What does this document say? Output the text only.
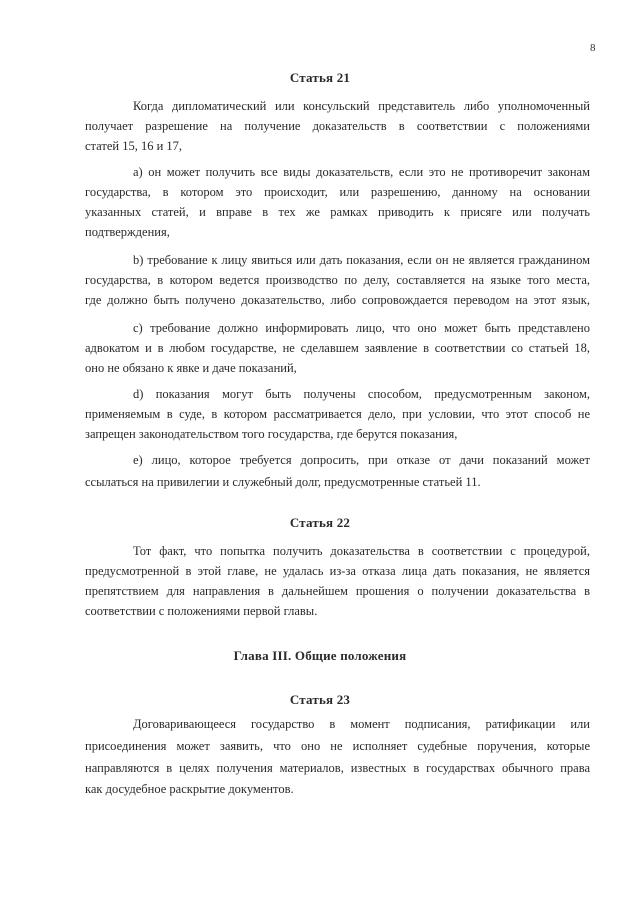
8
Статья 21
Когда дипломатический или консульский представитель либо уполномоченный
получает разрешение на получение доказательств в соответствии с положениями
статей 15, 16 и 17,
а) он может получить все виды доказательств, если это не противоречит законам
государства, в котором это происходит, или разрешению, данному на основании
указанных статей, и вправе в тех же рамках приводить к присяге или получать
подтверждения,
b) требование к лицу явиться или дать показания, если он не является гражданином
государства, в котором ведется производство по делу, составляется на языке того места,
где должно быть получено доказательство, либо сопровождается переводом на этот язык,
c) требование должно информировать лицо, что оно может быть представлено
адвокатом и в любом государстве, не сделавшем заявление в соответствии со статьей 18,
оно не обязано к явке и даче показаний,
d) показания могут быть получены способом, предусмотренным законом,
применяемым в суде, в котором рассматривается дело, при условии, что этот способ не
запрещен законодательством того государства, где берутся показания,
е) лицо, которое требуется допросить, при отказе от дачи показаний может
ссылаться на привилегии и служебный долг, предусмотренные статьей 11.
Статья 22
Тот факт, что попытка получить доказательства в соответствии с процедурой,
предусмотренной в этой главе, не удалась из-за отказа лица дать показания, не является
препятствием для направления в дальнейшем прошения о получении доказательства в
соответствии с положениями первой главы.
Глава III. Общие положения
Статья 23
Договаривающееся государство в момент подписания, ратификации или
присоединения может заявить, что оно не исполняет судебные поручения, которые
направляются в целях получения материалов, известных в государствах обычного права
как досудебное раскрытие документов.
